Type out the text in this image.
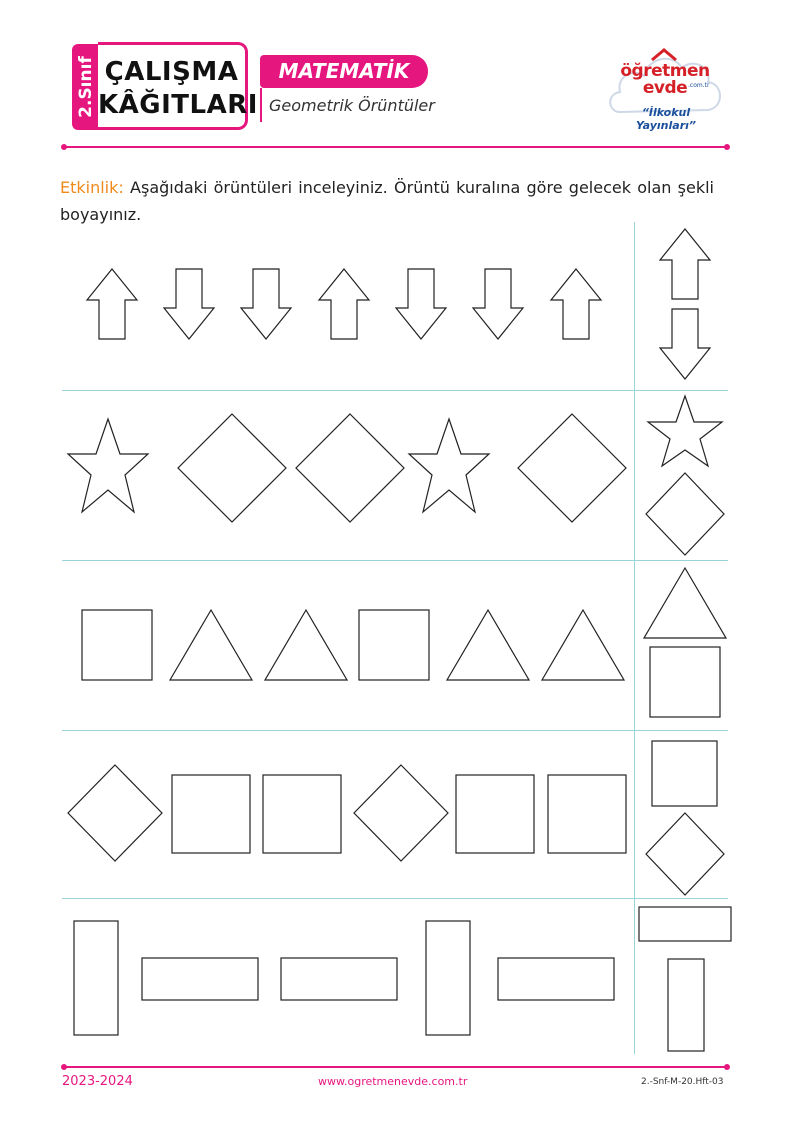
2.Sınıf ÇALIŞMA
KÂĞITLARI
MATEMATİK
Geometrik Örüntüler
öğretmen
evde .com.tr
“İlkokul Yayınları”
Etkinlik: Aşağıdaki örüntüleri inceleyiniz. Örüntü kuralına göre gelecek olan şekli boyayınız.
2023-2024	www.ogretmenevde.com.tr	2.-Snf-M-20.Hft-03
